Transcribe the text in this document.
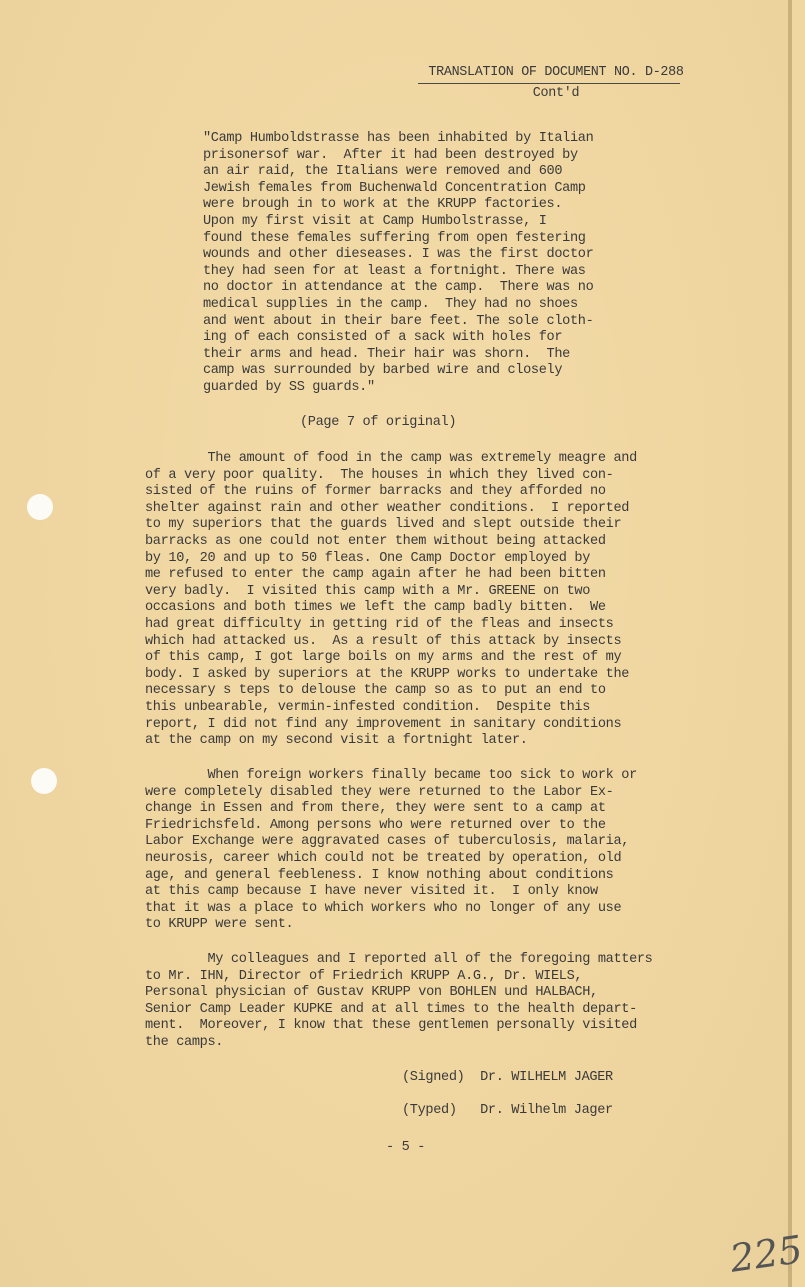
TRANSLATION OF DOCUMENT NO. D-288
Cont'd
"Camp Humboldstrasse has been inhabited by Italian
prisonersof war.  After it had been destroyed by
an air raid, the Italians were removed and 600
Jewish females from Buchenwald Concentration Camp
were brough in to work at the KRUPP factories.
Upon my first visit at Camp Humbolstrasse, I
found these females suffering from open festering
wounds and other dieseases. I was the first doctor
they had seen for at least a fortnight. There was
no doctor in attendance at the camp.  There was no
medical supplies in the camp.  They had no shoes
and went about in their bare feet. The sole cloth-
ing of each consisted of a sack with holes for
their arms and head. Their hair was shorn.  The
camp was surrounded by barbed wire and closely
guarded by SS guards."
(Page 7 of original)
The amount of food in the camp was extremely meagre and
of a very poor quality.  The houses in which they lived con-
sisted of the ruins of former barracks and they afforded no
shelter against rain and other weather conditions.  I reported
to my superiors that the guards lived and slept outside their
barracks as one could not enter them without being attacked
by 10, 20 and up to 50 fleas. One Camp Doctor employed by
me refused to enter the camp again after he had been bitten
very badly.  I visited this camp with a Mr. GREENE on two
occasions and both times we left the camp badly bitten.  We
had great difficulty in getting rid of the fleas and insects
which had attacked us.  As a result of this attack by insects
of this camp, I got large boils on my arms and the rest of my
body. I asked by superiors at the KRUPP works to undertake the
necessary s teps to delouse the camp so as to put an end to
this unbearable, vermin-infested condition.  Despite this
report, I did not find any improvement in sanitary conditions
at the camp on my second visit a fortnight later.
When foreign workers finally became too sick to work or
were completely disabled they were returned to the Labor Ex-
change in Essen and from there, they were sent to a camp at
Friedrichsfeld. Among persons who were returned over to the
Labor Exchange were aggravated cases of tuberculosis, malaria,
neurosis, career which could not be treated by operation, old
age, and general feebleness. I know nothing about conditions
at this camp because I have never visited it.  I only know
that it was a place to which workers who no longer of any use
to KRUPP were sent.
My colleagues and I reported all of the foregoing matters
to Mr. IHN, Director of Friedrich KRUPP A.G., Dr. WIELS,
Personal physician of Gustav KRUPP von BOHLEN und HALBACH,
Senior Camp Leader KUPKE and at all times to the health depart-
ment.  Moreover, I know that these gentlemen personally visited
the camps.
(Signed)  Dr. WILHELM JAGER
(Typed)   Dr. Wilhelm Jager
- 5 -
225
